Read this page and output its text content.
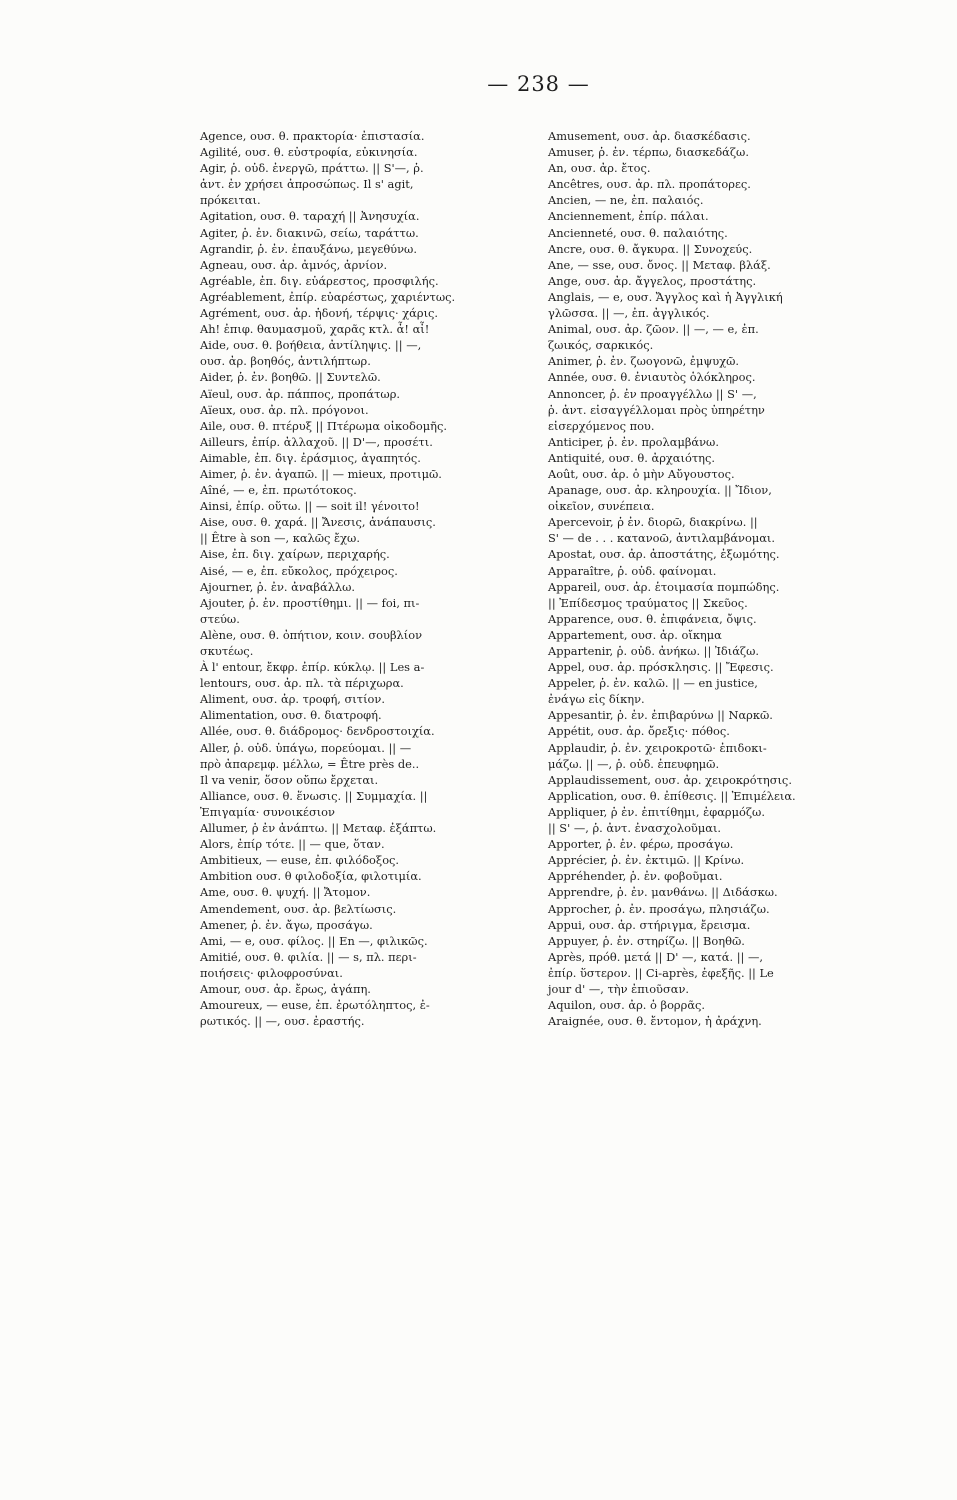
— 238 —
Agence, ουσ. θ. πρακτορία· ἐπιστασία.
Agilité, ουσ. θ. εὐστροφία, εὐκινησία.
Agir, ῥ. οὐδ. ἐνεργῶ, πράττω. || S'—, ῥ.
ἀντ. ἐν χρήσει ἀπροσώπως. Il s' agit,
πρόκειται.
Agitation, ουσ. θ. ταραχή || Ἀνησυχία.
Agiter, ῥ. ἐν. διακινῶ, σείω, ταράττω.
Agrandir, ῥ. ἐν. ἐπαυξάνω, μεγεθύνω.
Agneau, ουσ. ἀρ. ἀμνός, ἀρνίον.
Agréable, ἐπ. διγ. εὐάρεστος, προσφιλής.
Agréablement, ἐπίρ. εὐαρέστως, χαριέντως.
Agrément, ουσ. ἀρ. ἡδονή, τέρψις· χάρις.
Ah! ἐπιφ. θαυμασμοῦ, χαρᾶς κτλ. ἆ! αἶ!
Aide, ουσ. θ. βοήθεια, ἀντίληψις. || —,
ουσ. ἀρ. βοηθός, ἀντιλήπτωρ.
Aider, ῥ. ἐν. βοηθῶ. || Συντελῶ.
Aïeul, ουσ. ἀρ. πάππος, προπάτωρ.
Aïeux, ουσ. ἀρ. πλ. πρόγονοι.
Aile, ουσ. θ. πτέρυξ || Πτέρωμα οἰκοδομῆς.
Ailleurs, ἐπίρ. ἀλλαχοῦ. || D'—, προσέτι.
Aimable, ἐπ. διγ. ἐράσμιος, ἀγαπητός.
Aimer, ῥ. ἐν. ἀγαπῶ. || — mieux, προτιμῶ.
Aîné, — e, ἐπ. πρωτότοκος.
Ainsi, ἐπίρ. οὕτω. || — soit il! γένοιτο!
Aise, ουσ. θ. χαρά. || Ἄνεσις, ἀνάπαυσις.
|| Être à son —, καλῶς ἔχω.
Aise, ἐπ. διγ. χαίρων, περιχαρής.
Aisé, — e, ἐπ. εὔκολος, πρόχειρος.
Ajourner, ῥ. ἐν. ἀναβάλλω.
Ajouter, ῥ. ἐν. προστίθημι. || — foi, πι-
στεύω.
Alène, ουσ. θ. ὀπήτιον, κοιν. σουβλίον
σκυτέως.
À l' entour, ἔκφρ. ἐπίρ. κύκλῳ. || Les a-
lentours, ουσ. ἀρ. πλ. τὰ πέριχωρα.
Aliment, ουσ. ἀρ. τροφή, σιτίον.
Alimentation, ουσ. θ. διατροφή.
Allée, ουσ. θ. διάδρομος· δενδροστοιχία.
Aller, ῥ. οὐδ. ὑπάγω, πορεύομαι. || —
πρὸ ἀπαρεμφ. μέλλω, = Être près de..
Il va venir, ὅσον οὔπω ἔρχεται.
Alliance, ουσ. θ. ἕνωσις. || Συμμαχία. ||
Ἐπιγαμία· συνοικέσιον
Allumer, ῥ ἐν ἀνάπτω. || Μεταφ. ἐξάπτω.
Alors, ἐπίρ τότε. || — que, ὅταν.
Ambitieux, — euse, ἐπ. φιλόδοξος.
Ambition ουσ. θ φιλοδοξία, φιλοτιμία.
Ame, ουσ. θ. ψυχή. || Ἄτομον.
Amendement, ουσ. ἀρ. βελτίωσις.
Amener, ῥ. ἐν. ἄγω, προσάγω.
Ami, — e, ουσ. φίλος. || En —, φιλικῶς.
Amitié, ουσ. θ. φιλία. || — s, πλ. περι-
ποιήσεις· φιλοφροσύναι.
Amour, ουσ. ἀρ. ἔρως, ἀγάπη.
Amoureux, — euse, ἐπ. ἐρωτόληπτος, ἐ-
ρωτικός. || —, ουσ. ἐραστής.
Amusement, ουσ. ἀρ. διασκέδασις.
Amuser, ῥ. ἐν. τέρπω, διασκεδάζω.
An, ουσ. ἀρ. ἔτος.
Ancêtres, ουσ. ἀρ. πλ. προπάτορες.
Ancien, — ne, ἐπ. παλαιός.
Anciennement, ἐπίρ. πάλαι.
Ancienneté, ουσ. θ. παλαιότης.
Ancre, ουσ. θ. ἄγκυρα. || Συνοχεύς.
Ane, — sse, ουσ. ὄνος. || Μεταφ. βλάξ.
Ange, ουσ. ἀρ. ἄγγελος, προστάτης.
Anglais, — e, ουσ. Ἄγγλος καὶ ἡ Ἀγγλική
γλῶσσα. || —, ἐπ. ἀγγλικός.
Animal, ουσ. ἀρ. ζῶον. || —, — e, ἐπ.
ζωικός, σαρκικός.
Animer, ῥ. ἐν. ζωογονῶ, ἐμψυχῶ.
Année, ουσ. θ. ἐνιαυτὸς ὁλόκληρος.
Annoncer, ῥ. ἐν προαγγέλλω || S' —,
ῥ. ἀντ. εἰσαγγέλλομαι πρὸς ὑπηρέτην
εἰσερχόμενος που.
Anticiper, ῥ. ἐν. προλαμβάνω.
Antiquité, ουσ. θ. ἀρχαιότης.
Août, ουσ. ἀρ. ὁ μὴν Αὔγουστος.
Apanage, ουσ. ἀρ. κληρουχία. || Ἴδιον,
οἰκεῖον, συνέπεια.
Apercevoir, ῥ ἐν. διορῶ, διακρίνω. ||
S' — de . . . κατανοῶ, ἀντιλαμβάνομαι.
Apostat, ουσ. ἀρ. ἀποστάτης, ἐξωμότης.
Apparaître, ῥ. οὐδ. φαίνομαι.
Appareil, ουσ. ἀρ. ἑτοιμασία πομπώδης.
|| Ἐπίδεσμος τραύματος || Σκεῦος.
Apparence, ουσ. θ. ἐπιφάνεια, ὄψις.
Appartement, ουσ. ἀρ. οἴκημα
Appartenir, ῥ. οὐδ. ἀνήκω. || Ἰδιάζω.
Appel, ουσ. ἀρ. πρόσκλησις. || Ἔφεσις.
Appeler, ῥ. ἐν. καλῶ. || — en justice,
ἐνάγω εἰς δίκην.
Appesantir, ῥ. ἐν. ἐπιβαρύνω || Ναρκῶ.
Appétit, ουσ. ἀρ. ὄρεξις· πόθος.
Applaudir, ῥ. ἐν. χειροκροτῶ· ἐπιδοκι-
μάζω. || —, ῥ. οὐδ. ἐπευφημῶ.
Applaudissement, ουσ. ἀρ. χειροκρότησις.
Application, ουσ. θ. ἐπίθεσις. || Ἐπιμέλεια.
Appliquer, ῥ ἐν. ἐπιτίθημι, ἐφαρμόζω.
|| S' —, ῥ. ἀντ. ἐνασχολοῦμαι.
Apporter, ῥ. ἐν. φέρω, προσάγω.
Apprécier, ῥ. ἐν. ἐκτιμῶ. || Κρίνω.
Appréhender, ῥ. ἐν. φοβοῦμαι.
Apprendre, ῥ. ἐν. μανθάνω. || Διδάσκω.
Approcher, ῥ. ἐν. προσάγω, πλησιάζω.
Appui, ουσ. ἀρ. στήριγμα, ἔρεισμα.
Appuyer, ῥ. ἐν. στηρίζω. || Βοηθῶ.
Après, πρόθ. μετά || D' —, κατά. || —,
ἐπίρ. ὕστερον. || Ci-après, ἐφεξῆς. || Le
jour d' —, τὴν ἐπιοῦσαν.
Aquilon, ουσ. ἀρ. ὁ βορρᾶς.
Araignée, ουσ. θ. ἔντομον, ἡ ἀράχνη.
